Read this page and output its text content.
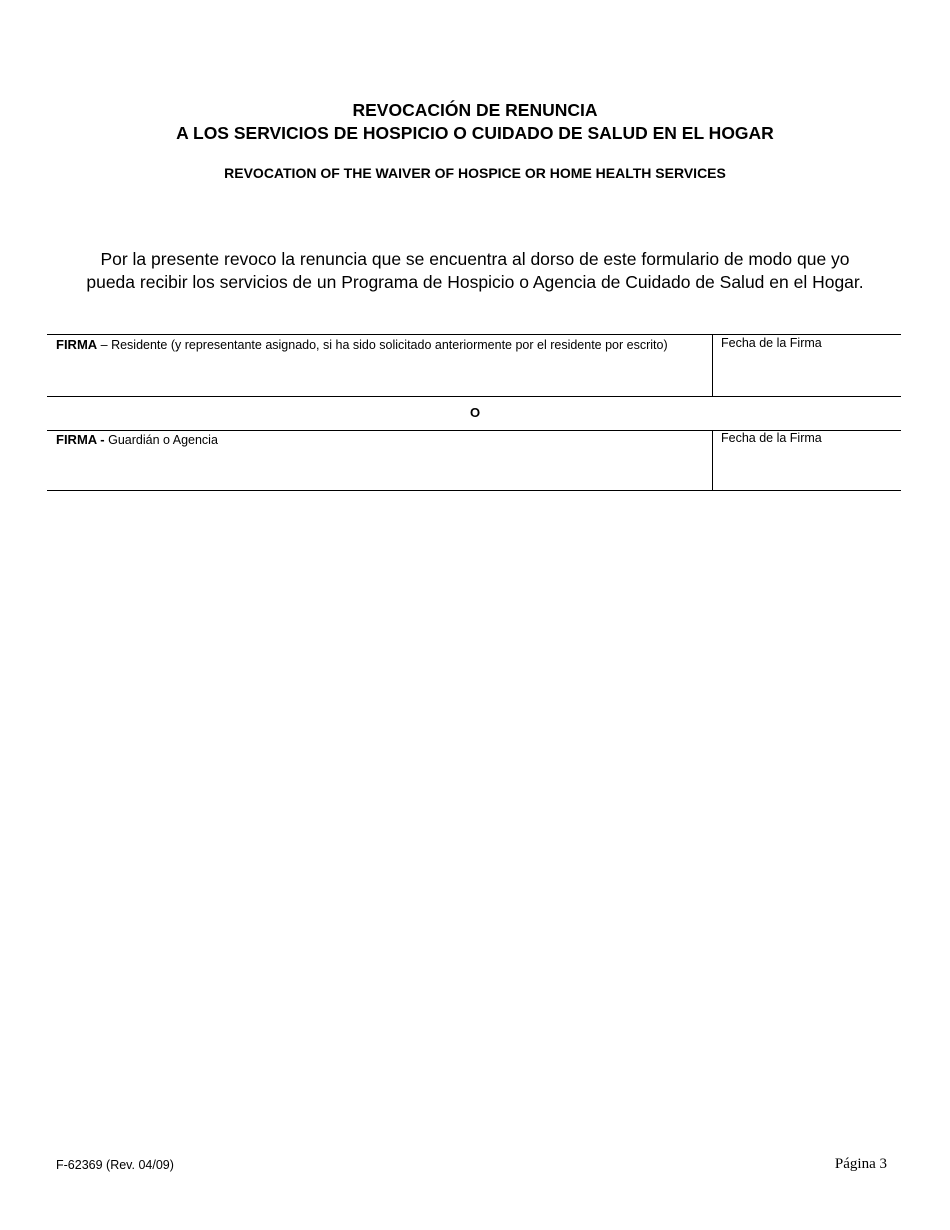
REVOCACIÓN DE RENUNCIA
A LOS SERVICIOS DE HOSPICIO O CUIDADO DE SALUD EN EL HOGAR
REVOCATION OF THE WAIVER OF HOSPICE OR HOME HEALTH SERVICES
Por la presente revoco la renuncia que se encuentra al dorso de este formulario de modo que yo
pueda recibir los servicios de un Programa de Hospicio o Agencia de Cuidado de Salud en el Hogar.
FIRMA – Residente (y representante asignado, si ha sido solicitado anteriormente por el residente por escrito)	Fecha de la Firma
O
FIRMA - Guardián o Agencia	Fecha de la Firma
F-62369 (Rev. 04/09)	Página 3
